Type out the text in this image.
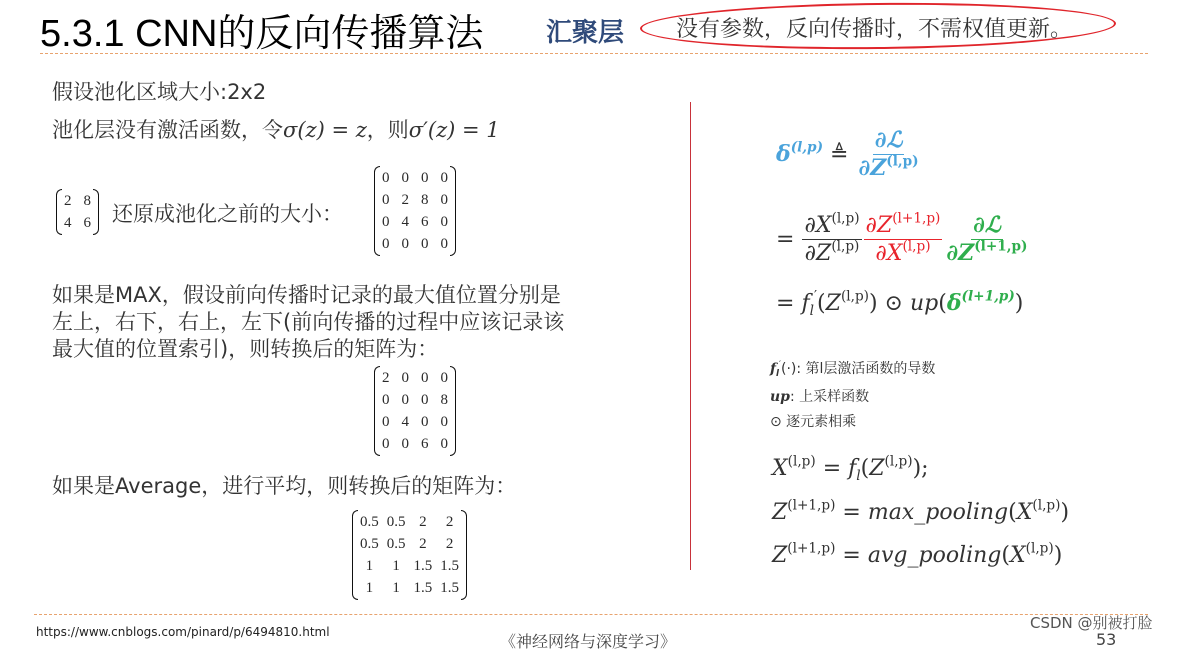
5.3.1 CNN的反向传播算法 汇聚层 没有参数，反向传播时，不需权值更新。
假设池化区域大小:2x2
池化层没有激活函数，令σ(z) = z，则σ′(z) = 1
2 8
4 6 还原成池化之前的大小：
0 0 0 0
0 2 8 0
0 4 6 0
0 0 0 0
如果是MAX，假设前向传播时记录的最大值位置分别是
左上，右下，右上，左下(前向传播的过程中应该记录该
最大值的位置索引)，则转换后的矩阵为：
2 0 0 0
0 0 0 8
0 4 0 0
0 0 6 0
如果是Average，进行平均，则转换后的矩阵为：
0.5 0.5 2	2
0.5 0.5 2	2
1	1 1.5 1.5
1	1 1.5 1.5
$\delta^{(l,p)}$ ≜ $\frac{\text{∂ℒ}}{\partial Z^{(l,p)}}$
= $\frac{\partial X^{(l,p)}}{\partial Z^{(l,p)}} \frac{\partial Z^{(l+1,p)}}{\partial X^{(l,p)}} \frac{\text{∂ℒ}}{\partial Z^{(l+1,p)}}$
= $f_l'(Z^{(l,p)})$ ⊙ $up(\delta^{(l+1,p)})$
$f_l'(\cdot)$: 第l层激活函数的导数
up: 上采样函数
⊙ 逐元素相乘
$X^{(l,p)} = f_l(Z^{(l,p)})$;
$Z^{(l+1,p)}$ = $\max\_pooling(X^{(l,p)})$
$Z^{(l+1,p)}$ = $avg\_pooling(X^{(l,p)})$
https://www.cnblogs.com/pinard/p/6494810.html	《神经网络与深度学习》
CSDN @别被打脸
53
